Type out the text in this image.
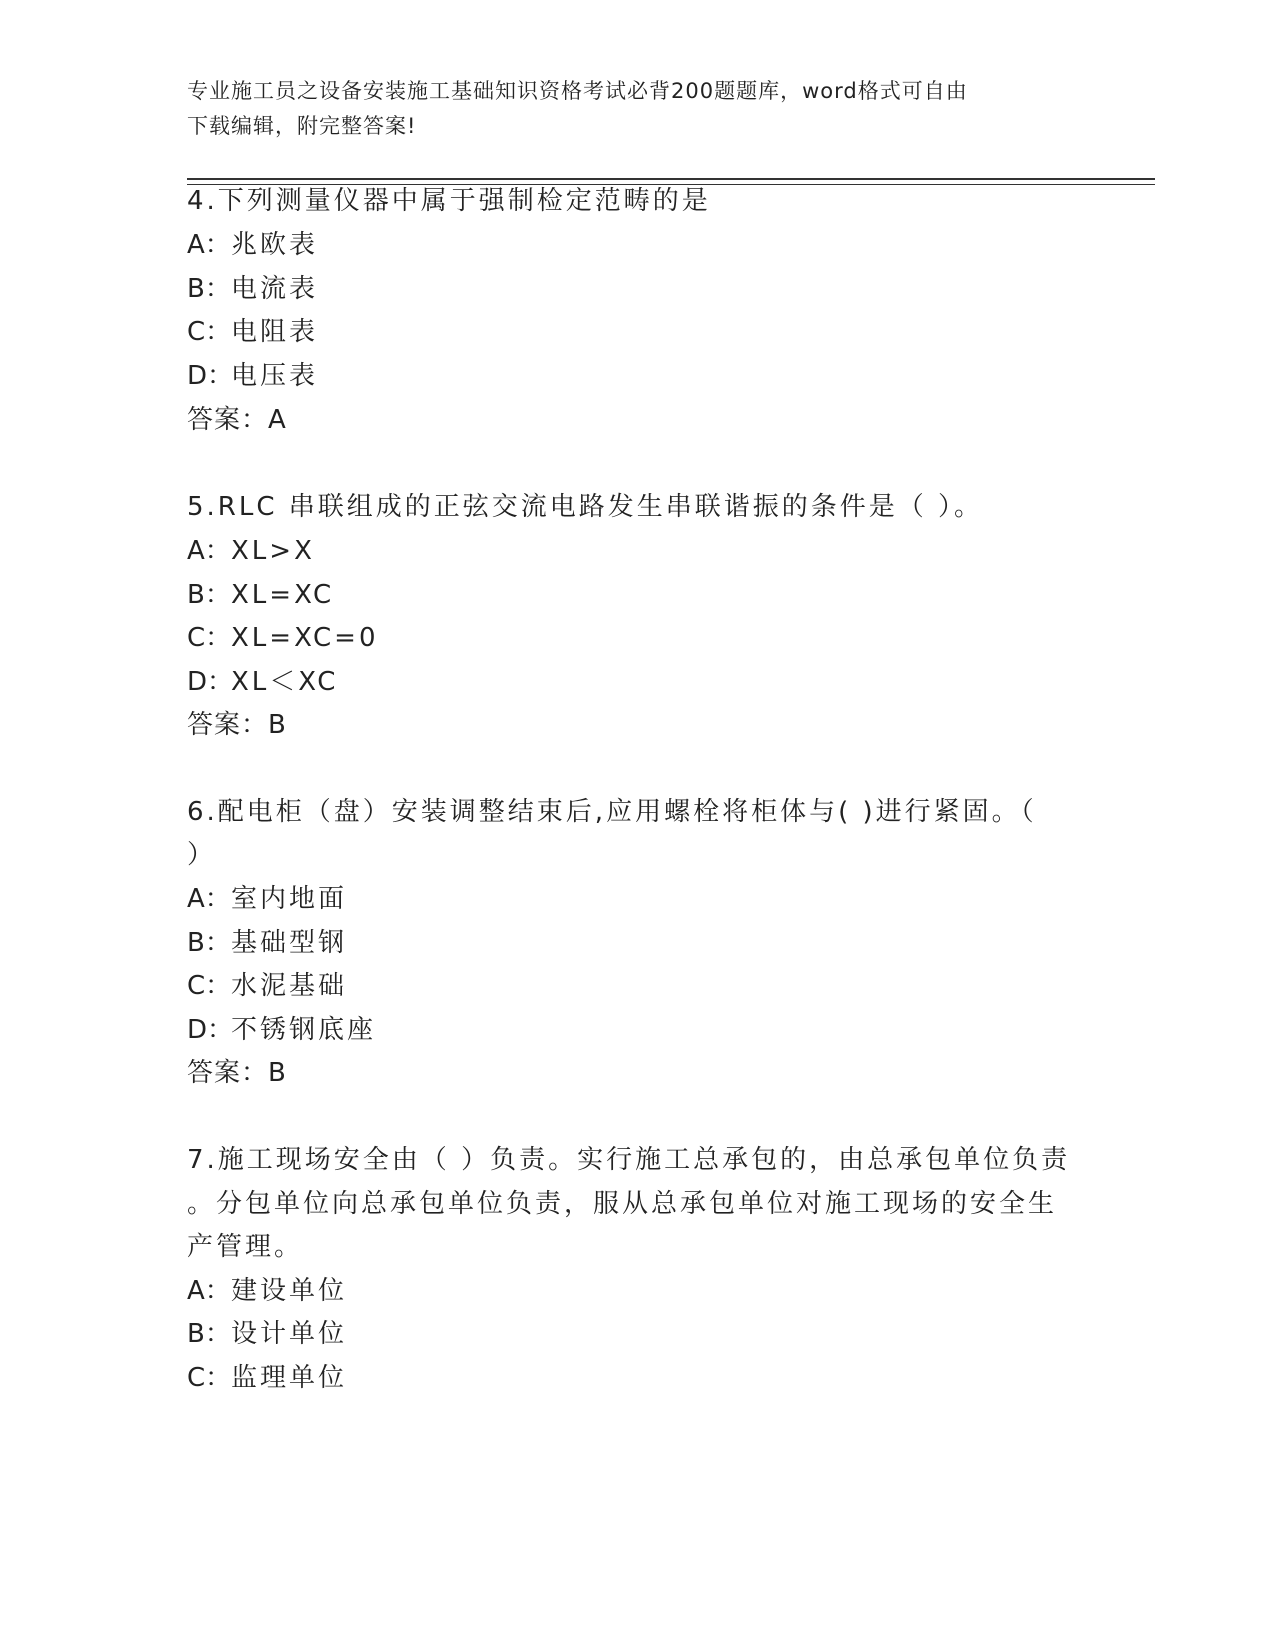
专业施工员之设备安装施工基础知识资格考试必背200题题库，word格式可自由
下载编辑，附完整答案!
4.下列测量仪器中属于强制检定范畴的是
A：兆欧表
B：电流表
C：电阻表
D：电压表
答案：A
5.RLC 串联组成的正弦交流电路发生串联谐振的条件是（ ）。
A：XL>X
B：XL=XC
C：XL=XC=0
D：XL＜XC
答案：B
6.配电柜（盘）安装调整结束后,应用螺栓将柜体与( )进行紧固。（
）
A：室内地面
B：基础型钢
C：水泥基础
D：不锈钢底座
答案：B
7.施工现场安全由（ ）负责。实行施工总承包的，由总承包单位负责
。分包单位向总承包单位负责，服从总承包单位对施工现场的安全生
产管理。
A：建设单位
B：设计单位
C：监理单位
